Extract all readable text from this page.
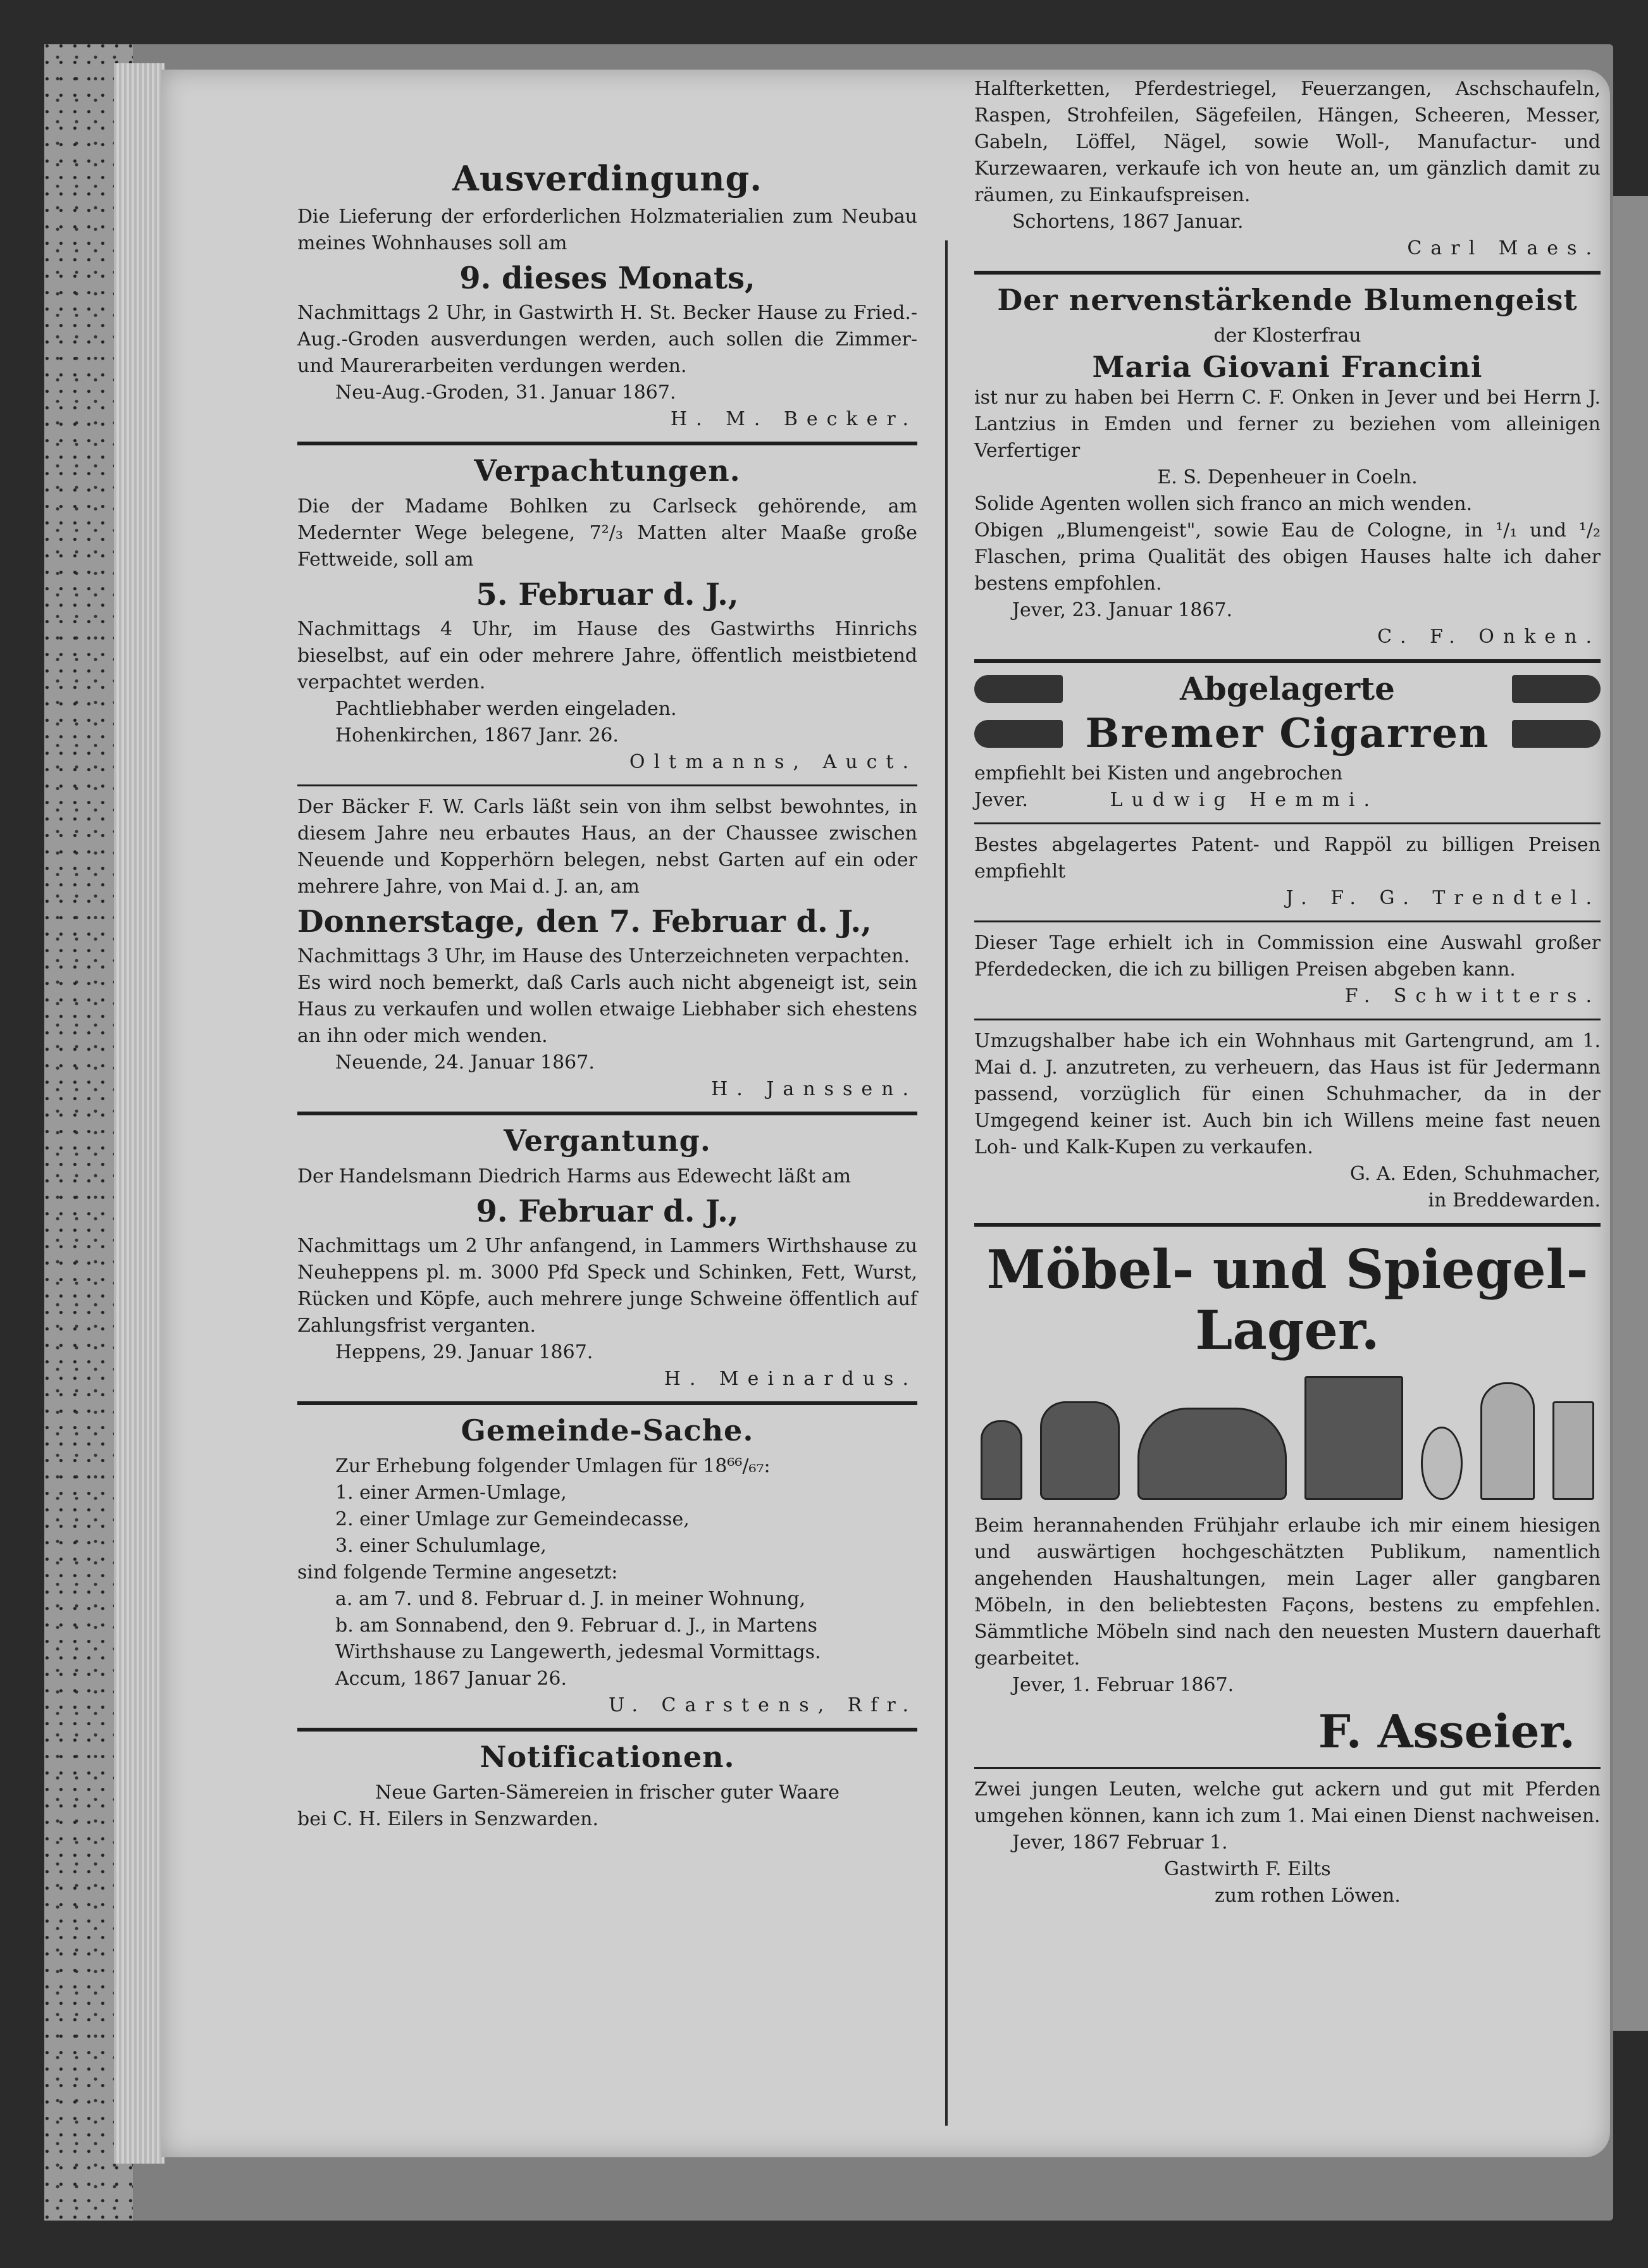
Ausverdingung.

Die Lieferung der erforderlichen Holzmaterialien zum Neubau meines Wohnhauses soll am

9. dieses Monats,

Nachmittags 2 Uhr, in Gastwirth H. St. Becker Hause zu Fried.-Aug.-Groden ausverdungen werden, auch sollen die Zimmer- und Maurerarbeiten verdungen werden.

Neu-Aug.-Groden, 31. Januar 1867.

H. M. Becker.

Verpachtungen.

Die der Madame Bohlken zu Carlseck gehörende, am Medernter Wege belegene, 7²/₃ Matten alter Maaße große Fettweide, soll am

5. Februar d. J.,

Nachmittags 4 Uhr, im Hause des Gastwirths Hinrichs bieselbst, auf ein oder mehrere Jahre, öffentlich meistbietend verpachtet werden.

Pachtliebhaber werden eingeladen.

Hohenkirchen, 1867 Janr. 26.

Oltmanns, Auct.

Der Bäcker F. W. Carls läßt sein von ihm selbst bewohntes, in diesem Jahre neu erbautes Haus, an der Chaussee zwischen Neuende und Kopperhörn belegen, nebst Garten auf ein oder mehrere Jahre, von Mai d. J. an, am

Donnerstage, den 7. Februar d. J.,

Nachmittags 3 Uhr, im Hause des Unterzeichneten verpachten.

Es wird noch bemerkt, daß Carls auch nicht abgeneigt ist, sein Haus zu verkaufen und wollen etwaige Liebhaber sich ehestens an ihn oder mich wenden.

Neuende, 24. Januar 1867.

H. Janssen.

Vergantung.

Der Handelsmann Diedrich Harms aus Edewecht läßt am

9. Februar d. J.,

Nachmittags um 2 Uhr anfangend, in Lammers Wirthshause zu Neuheppens pl. m. 3000 Pfd Speck und Schinken, Fett, Wurst, Rücken und Köpfe, auch mehrere junge Schweine öffentlich auf Zahlungsfrist verganten.

Heppens, 29. Januar 1867.

H. Meinardus.

Gemeinde-Sache.

Zur Erhebung folgender Umlagen für 18⁶⁶/₆₇:

1. einer Armen-Umlage,
2. einer Umlage zur Gemeindecasse,
3. einer Schulumlage,

sind folgende Termine angesetzt:

a. am 7. und 8. Februar d. J. in meiner Wohnung,
b. am Sonnabend, den 9. Februar d. J., in Martens Wirthshause zu Langewerth, jedesmal Vormittags.

Accum, 1867 Januar 26.

U. Carstens, Rfr.

Notificationen.

Neue Garten-Sämereien in frischer guter Waare

bei C. H. Eilers in Senzwarden.

Halfterketten, Pferdestriegel, Feuerzangen, Aschschaufeln, Raspen, Strohfeilen, Sägefeilen, Hängen, Scheeren, Messer, Gabeln, Löffel, Nägel, sowie Woll-, Manufactur- und Kurzewaaren, verkaufe ich von heute an, um gänzlich damit zu räumen, zu Einkaufspreisen.

Schortens, 1867 Januar.

Carl Maes.

Der nervenstärkende Blumengeist

der Klosterfrau

Maria Giovani Francini

ist nur zu haben bei Herrn C. F. Onken in Jever und bei Herrn J. Lantzius in Emden und ferner zu beziehen vom alleinigen Verfertiger

E. S. Depenheuer in Coeln.

Solide Agenten wollen sich franco an mich wenden.

Obigen „Blumengeist", sowie Eau de Cologne, in ¹/₁ und ¹/₂ Flaschen, prima Qualität des obigen Hauses halte ich daher bestens empfohlen.

Jever, 23. Januar 1867.

C. F. Onken.

Abgelagerte
Bremer Cigarren

empfiehlt bei Kisten und angebrochen

Jever.	Ludwig Hemmi.

Bestes abgelagertes Patent- und Rappöl zu billigen Preisen empfiehlt

J. F. G. Trendtel.

Dieser Tage erhielt ich in Commission eine Auswahl großer Pferdedecken, die ich zu billigen Preisen abgeben kann.

F. Schwitters.

Umzugshalber habe ich ein Wohnhaus mit Gartengrund, am 1. Mai d. J. anzutreten, zu verheuern, das Haus ist für Jedermann passend, vorzüglich für einen Schuhmacher, da in der Umgegend keiner ist. Auch bin ich Willens meine fast neuen Loh- und Kalk-Kupen zu verkaufen.

G. A. Eden, Schuhmacher,

in Breddewarden.

Möbel- und Spiegel-
Lager.

Beim herannahenden Frühjahr erlaube ich mir einem hiesigen und auswärtigen hochgeschätzten Publikum, namentlich angehenden Haushaltungen, mein Lager aller gangbaren Möbeln, in den beliebtesten Façons, bestens zu empfehlen. Sämmtliche Möbeln sind nach den neuesten Mustern dauerhaft gearbeitet.

Jever, 1. Februar 1867.

F. Asseier.

Zwei jungen Leuten, welche gut ackern und gut mit Pferden umgehen können, kann ich zum 1. Mai einen Dienst nachweisen.

Jever, 1867 Februar 1.

Gastwirth F. Eilts

zum rothen Löwen.
